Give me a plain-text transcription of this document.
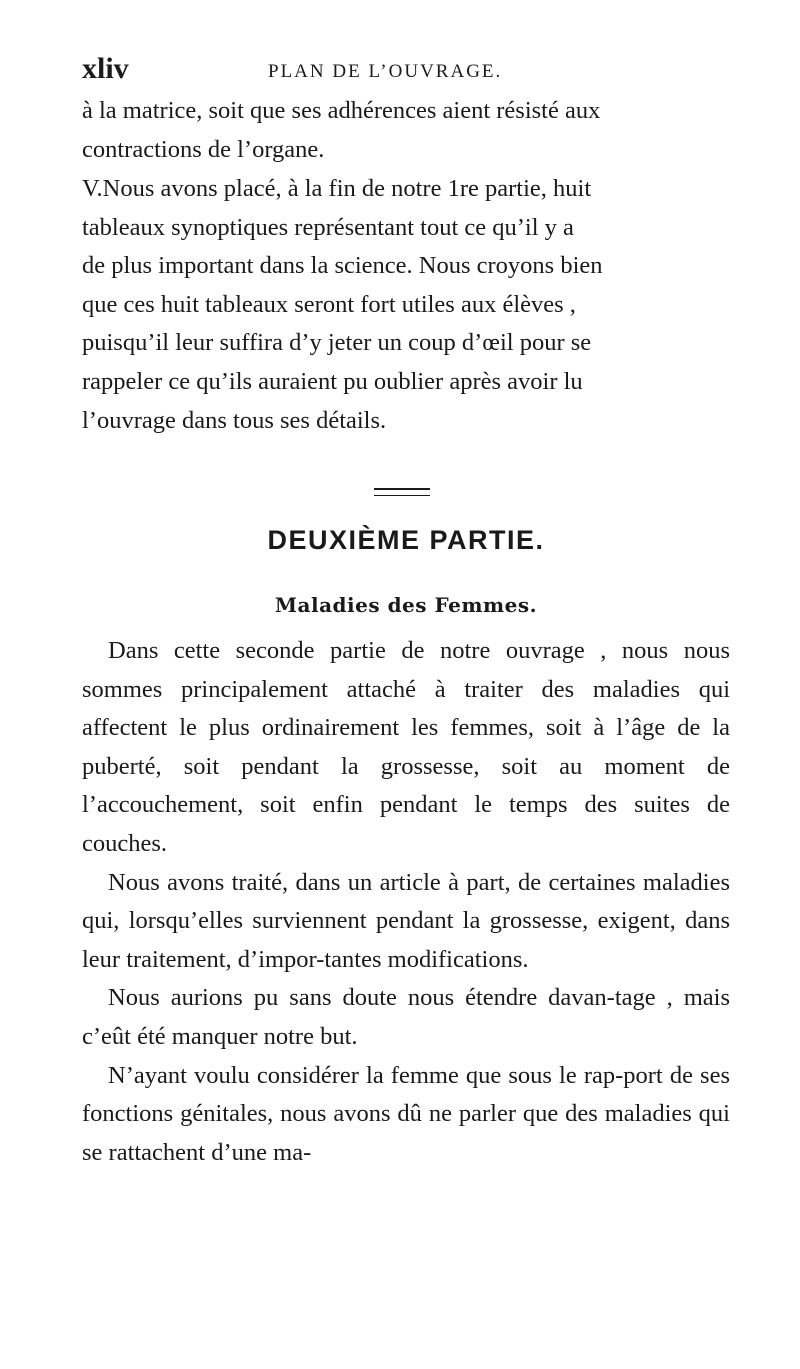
xliv	PLAN DE L’OUVRAGE.

à la matrice, soit que ses adhérences aient résisté aux

contractions de l’organe.

V.Nous avons placé, à la fin de notre 1re partie, huit

tableaux synoptiques représentant tout ce qu’il y a

de plus important dans la science. Nous croyons bien

que ces huit tableaux seront fort utiles aux élèves ,

puisqu’il leur suffira d’y jeter un coup d’œil pour se

rappeler ce qu’ils auraient pu oublier après avoir lu

l’ouvrage dans tous ses détails.

DEUXIÈME PARTIE.
Maladies des Femmes.

Dans cette seconde partie de notre ouvrage , nous nous sommes principalement attaché à traiter des maladies qui affectent le plus ordinairement les femmes, soit à l’âge de la puberté, soit pendant la grossesse, soit au moment de l’accouchement, soit enfin pendant le temps des suites de couches.

Nous avons traité, dans un article à part, de certaines maladies qui, lorsqu’elles surviennent pendant la grossesse, exigent, dans leur traitement, d’impor-tantes modifications.

Nous aurions pu sans doute nous étendre davan-tage , mais c’eût été manquer notre but.

N’ayant voulu considérer la femme que sous le rap-port de ses fonctions génitales, nous avons dû ne parler que des maladies qui se rattachent d’une ma-
